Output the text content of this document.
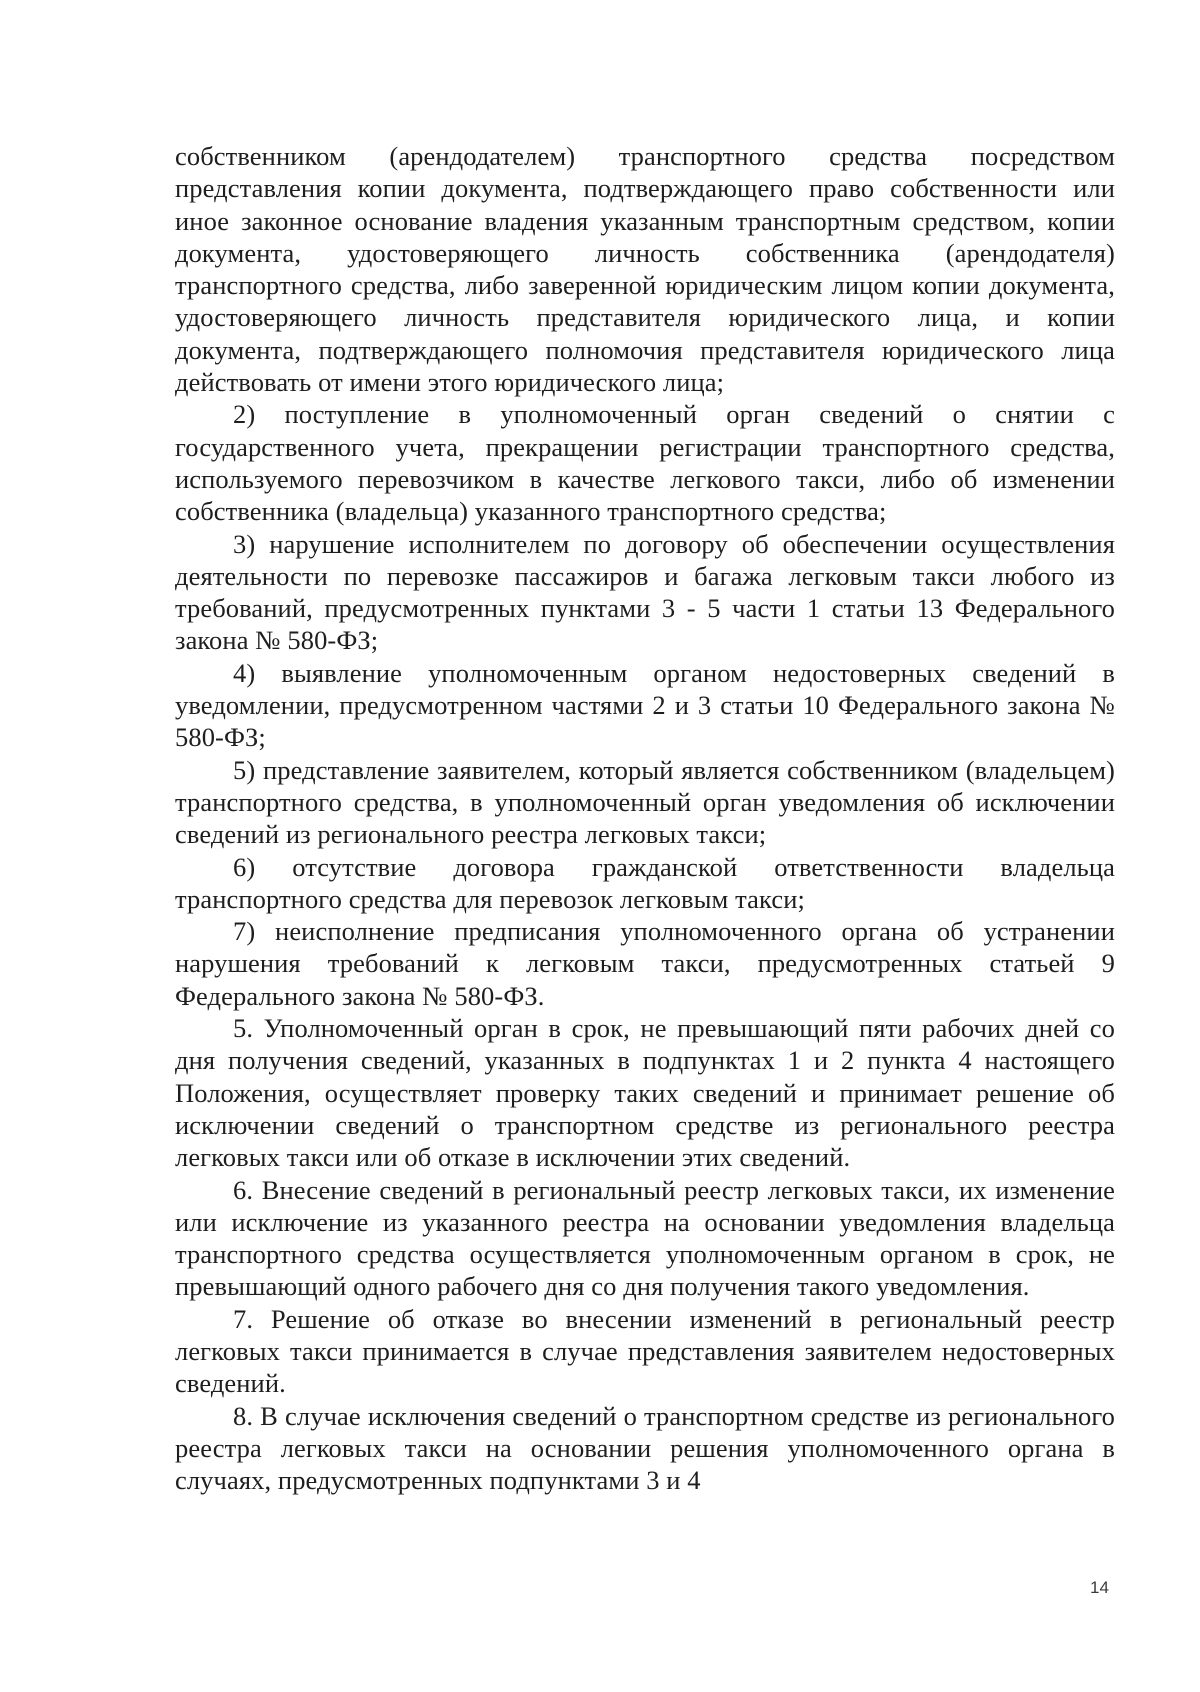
собственником (арендодателем) транспортного средства посредством представления копии документа, подтверждающего право собственности или иное законное основание владения указанным транспортным средством, копии документа, удостоверяющего личность собственника (арендодателя) транспортного средства, либо заверенной юридическим лицом копии документа, удостоверяющего личность представителя юридического лица, и копии документа, подтверждающего полномочия представителя юридического лица действовать от имени этого юридического лица;

2) поступление в уполномоченный орган сведений о снятии с государственного учета, прекращении регистрации транспортного средства, используемого перевозчиком в качестве легкового такси, либо об изменении собственника (владельца) указанного транспортного средства;

3) нарушение исполнителем по договору об обеспечении осуществления деятельности по перевозке пассажиров и багажа легковым такси любого из требований, предусмотренных пунктами 3 - 5 части 1 статьи 13 Федерального закона № 580-ФЗ;

4) выявление уполномоченным органом недостоверных сведений в уведомлении, предусмотренном частями 2 и 3 статьи 10 Федерального закона № 580-ФЗ;

5) представление заявителем, который является собственником (владельцем) транспортного средства, в уполномоченный орган уведомления об исключении сведений из регионального реестра легковых такси;

6) отсутствие договора гражданской ответственности владельца транспортного средства для перевозок легковым такси;

7) неисполнение предписания уполномоченного органа об устранении нарушения требований к легковым такси, предусмотренных статьей 9 Федерального закона № 580-ФЗ.

5. Уполномоченный орган в срок, не превышающий пяти рабочих дней со дня получения сведений, указанных в подпунктах 1 и 2 пункта 4 настоящего Положения, осуществляет проверку таких сведений и принимает решение об исключении сведений о транспортном средстве из регионального реестра легковых такси или об отказе в исключении этих сведений.

6. Внесение сведений в региональный реестр легковых такси, их изменение или исключение из указанного реестра на основании уведомления владельца транспортного средства осуществляется уполномоченным органом в срок, не превышающий одного рабочего дня со дня получения такого уведомления.

7. Решение об отказе во внесении изменений в региональный реестр легковых такси принимается в случае представления заявителем недостоверных сведений.

8. В случае исключения сведений о транспортном средстве из регионального реестра легковых такси на основании решения уполномоченного органа в случаях, предусмотренных подпунктами 3 и 4

14
